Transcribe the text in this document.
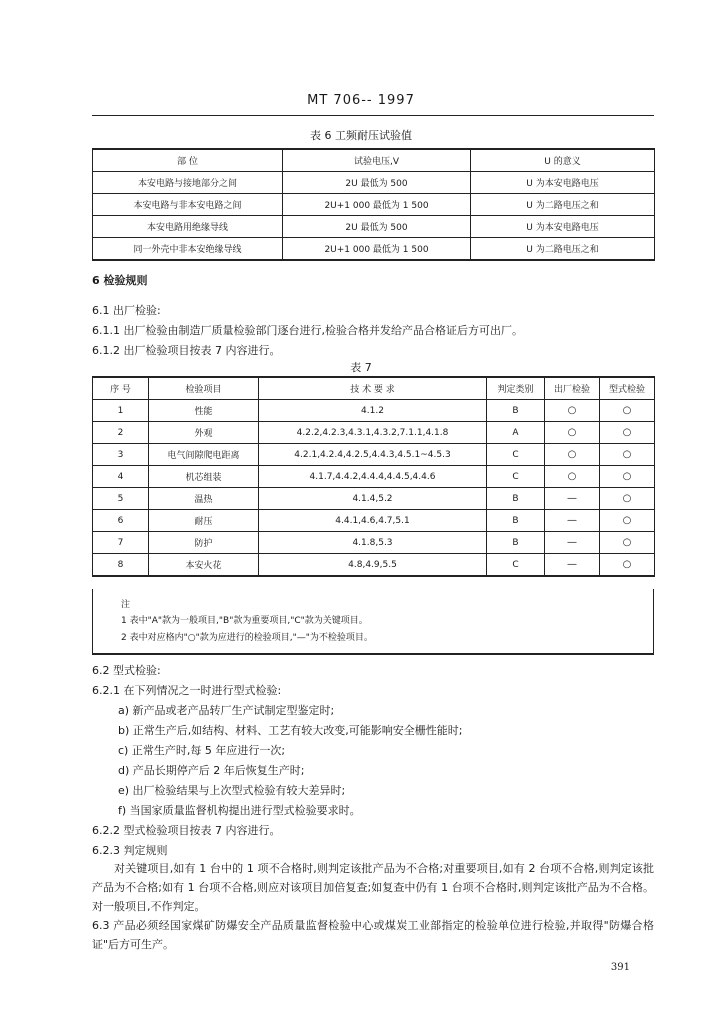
MT 706-- 1997
表 6 工频耐压试验值
部 位	试验电压,V	U 的意义
本安电路与接地部分之间	2U 最低为 500	U 为本安电路电压
本安电路与非本安电路之间	2U+1 000 最低为 1 500	U 为二路电压之和
本安电路用绝缘导线	2U 最低为 500	U 为本安电路电压
同一外壳中非本安绝缘导线	2U+1 000 最低为 1 500	U 为二路电压之和
6 检验规则
6.1 出厂检验:
6.1.1 出厂检验由制造厂质量检验部门逐台进行,检验合格并发给产品合格证后方可出厂。
6.1.2 出厂检验项目按表 7 内容进行。
表 7
序 号	检验项目	技 术 要 求	判定类别	出厂检验	型式检验
1	性能	4.1.2	B	○	○
2	外观	4.2.2,4.2.3,4.3.1,4.3.2,7.1.1,4.1.8	A	○	○
3	电气间隙爬电距离	4.2.1,4.2.4,4.2.5,4.4.3,4.5.1~4.5.3	C	○	○
4	机芯组装	4.1.7,4.4.2,4.4.4,4.4.5,4.4.6	C	○	○
5	温热	4.1.4,5.2	B	—	○
6	耐压	4.4.1,4.6,4.7,5.1	B	—	○
7	防护	4.1.8,5.3	B	—	○
8	本安火花	4.8,4.9,5.5	C	—	○
注
1 表中"A"款为一般项目,"B"款为重要项目,"C"款为关键项目。
2 表中对应格内"○"款为应进行的检验项目,"—"为不检验项目。
6.2 型式检验:
6.2.1 在下列情况之一时进行型式检验:
a) 新产品或老产品转厂生产试制定型鉴定时;
b) 正常生产后,如结构、材料、工艺有较大改变,可能影响安全栅性能时;
c) 正常生产时,每 5 年应进行一次;
d) 产品长期停产后 2 年后恢复生产时;
e) 出厂检验结果与上次型式检验有较大差异时;
f) 当国家质量监督机构提出进行型式检验要求时。
6.2.2 型式检验项目按表 7 内容进行。
6.2.3 判定规则
对关键项目,如有 1 台中的 1 项不合格时,则判定该批产品为不合格;对重要项目,如有 2 台项不合格,则判定该批产品为不合格;如有 1 台项不合格,则应对该项目加倍复查;如复查中仍有 1 台项不合格时,则判定该批产品为不合格。对一般项目,不作判定。
6.3 产品必须经国家煤矿防爆安全产品质量监督检验中心或煤炭工业部指定的检验单位进行检验,并取得"防爆合格证"后方可生产。
391
